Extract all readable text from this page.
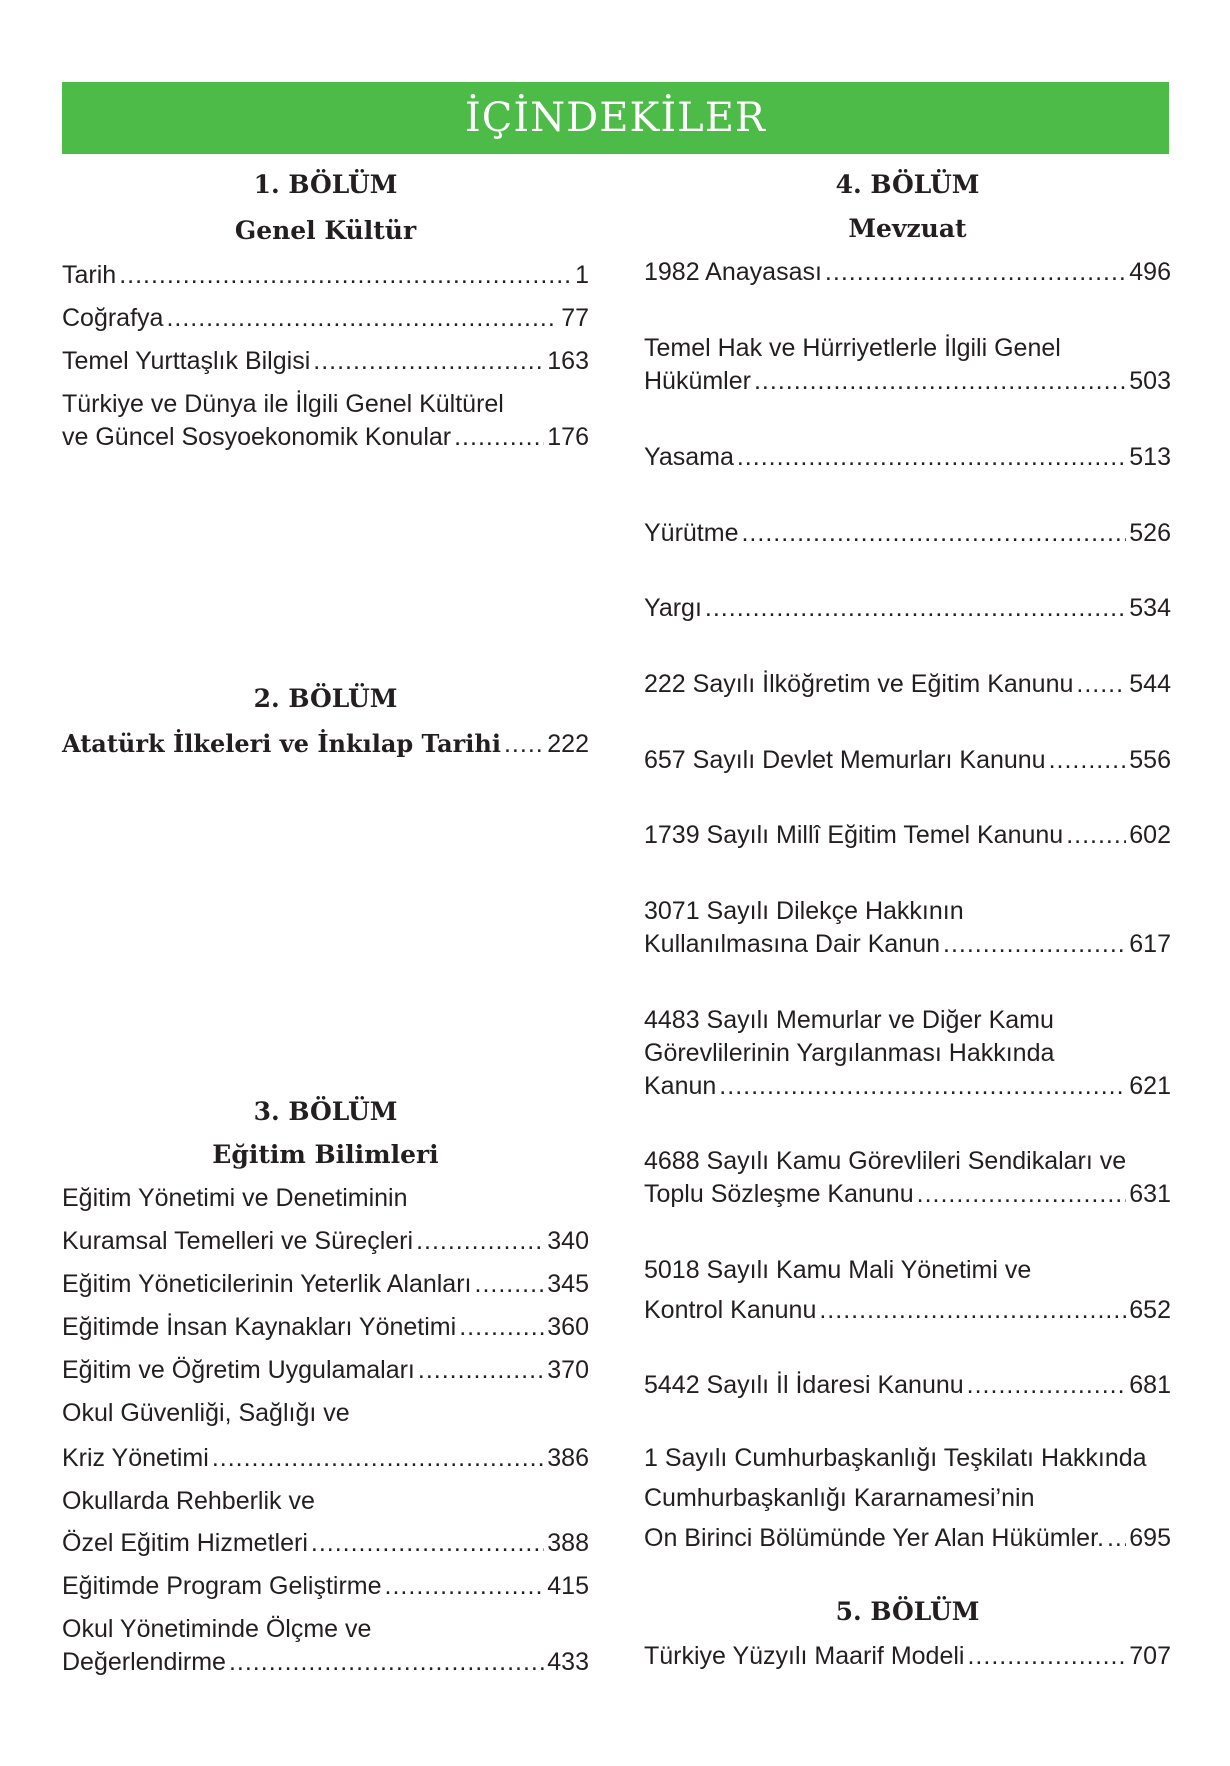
İÇİNDEKİLER
1. BÖLÜM
Genel Kültür
Tarih .....	1
Coğrafya .....	77
Temel Yurttaşlık Bilgisi .....	163
Türkiye ve Dünya ile İlgili Genel Kültürel
ve Güncel Sosyoekonomik Konular .....	176
2. BÖLÜM
Atatürk İlkeleri ve İnkılap Tarihi ..... 222
3. BÖLÜM
Eğitim Bilimleri
Eğitim Yönetimi ve Denetiminin
Kuramsal Temelleri ve Süreçleri .....	340
Eğitim Yöneticilerinin Yeterlik Alanları .....	345
Eğitimde İnsan Kaynakları Yönetimi .....	360
Eğitim ve Öğretim Uygulamaları .....	370
Okul Güvenliği, Sağlığı ve
Kriz Yönetimi .....	386
Okullarda Rehberlik ve
Özel Eğitim Hizmetleri .....	388
Eğitimde Program Geliştirme .....	415
Okul Yönetiminde Ölçme ve
Değerlendirme .....	433
4. BÖLÜM
Mevzuat
1982 Anayasası .....	496
Temel Hak ve Hürriyetlerle İlgili Genel
Hükümler .....	503
Yasama .....	513
Yürütme .....	526
Yargı .....	534
222 Sayılı İlköğretim ve Eğitim Kanunu ..... 544
657 Sayılı Devlet Memurları Kanunu .....	556
1739 Sayılı Millî Eğitim Temel Kanunu .....	602
3071 Sayılı Dilekçe Hakkının
Kullanılmasına Dair Kanun .....	617
4483 Sayılı Memurlar ve Diğer Kamu
Görevlilerinin Yargılanması Hakkında
Kanun .....	621
4688 Sayılı Kamu Görevlileri Sendikaları ve
Toplu Sözleşme Kanunu .....	631
5018 Sayılı Kamu Mali Yönetimi ve
Kontrol Kanunu .....	652
5442 Sayılı İl İdaresi Kanunu .....	681
1 Sayılı Cumhurbaşkanlığı Teşkilatı Hakkında
Cumhurbaşkanlığı Kararnamesi’nin
On Birinci Bölümünde Yer Alan Hükümler. ..... 695
5. BÖLÜM
Türkiye Yüzyılı Maarif Modeli .....	707
